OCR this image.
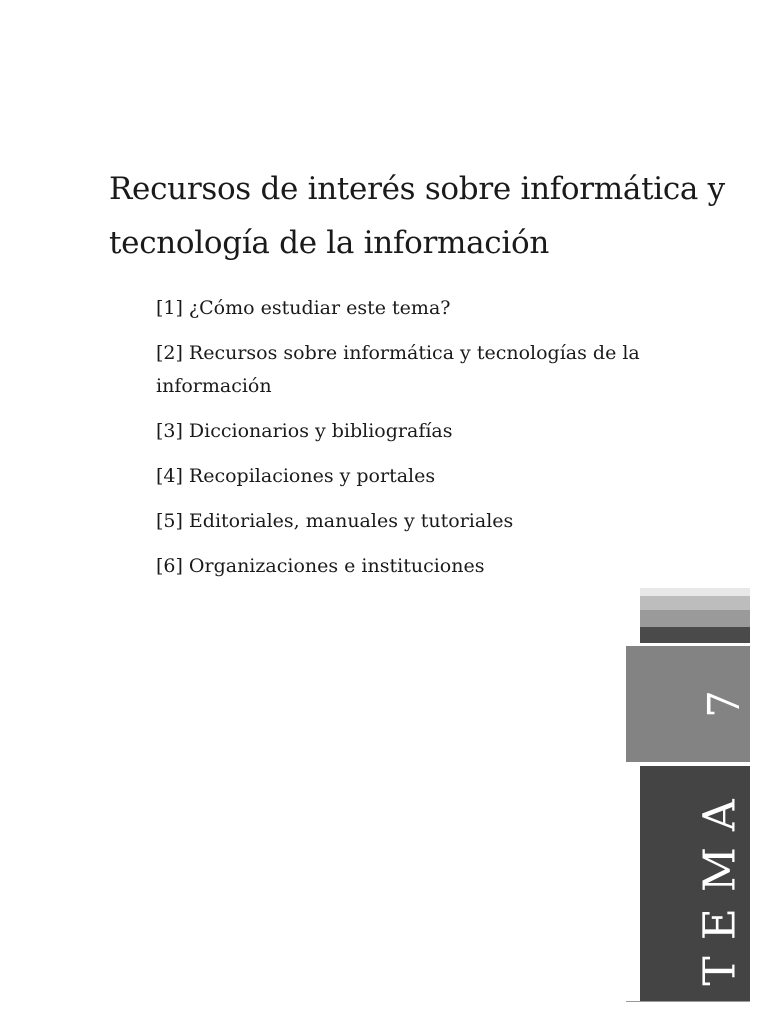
Recursos de interés sobre informática y tecnología de la información
[1] ¿Cómo estudiar este tema?
[2] Recursos sobre informática y tecnologías de la información
[3] Diccionarios y bibliografías
[4] Recopilaciones y portales
[5] Editoriales, manuales y tutoriales
[6] Organizaciones e instituciones
7
TEMA
